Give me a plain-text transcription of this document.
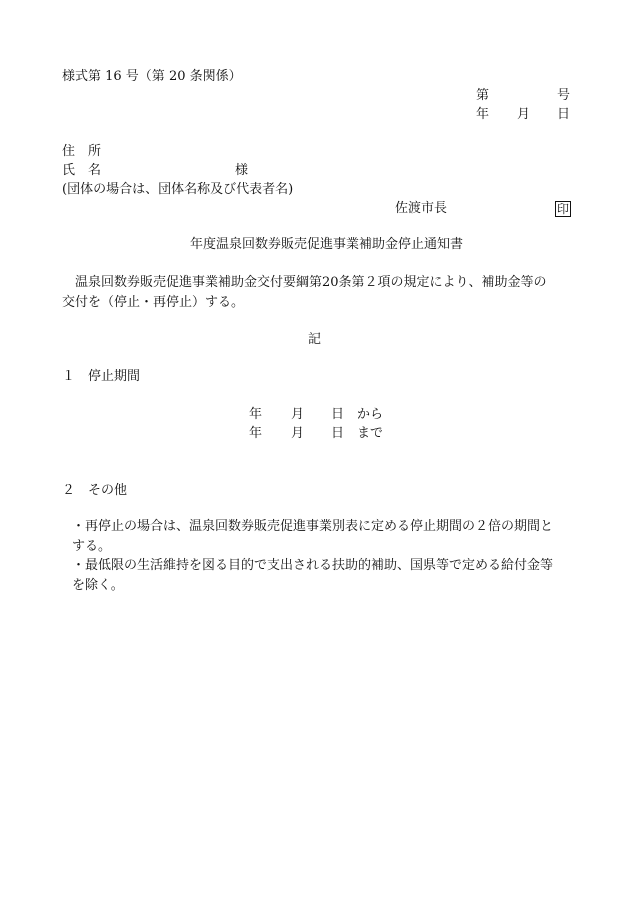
様式第 16 号（第 20 条関係）
第	号
年 月 日
住　所
氏　名	様
(団体の場合は、団体名称及び代表者名)
佐渡市長	印
年度温泉回数券販売促進事業補助金停止通知書
温泉回数券販売促進事業補助金交付要綱第20条第２項の規定により、補助金等の
交付を（停止・再停止）する。
記
１　停止期間
年 月 日 から
年 月 日 まで
２　その他
・再停止の場合は、温泉回数券販売促進事業別表に定める停止期間の２倍の期間と
する。
・最低限の生活維持を図る目的で支出される扶助的補助、国県等で定める給付金等
を除く。
